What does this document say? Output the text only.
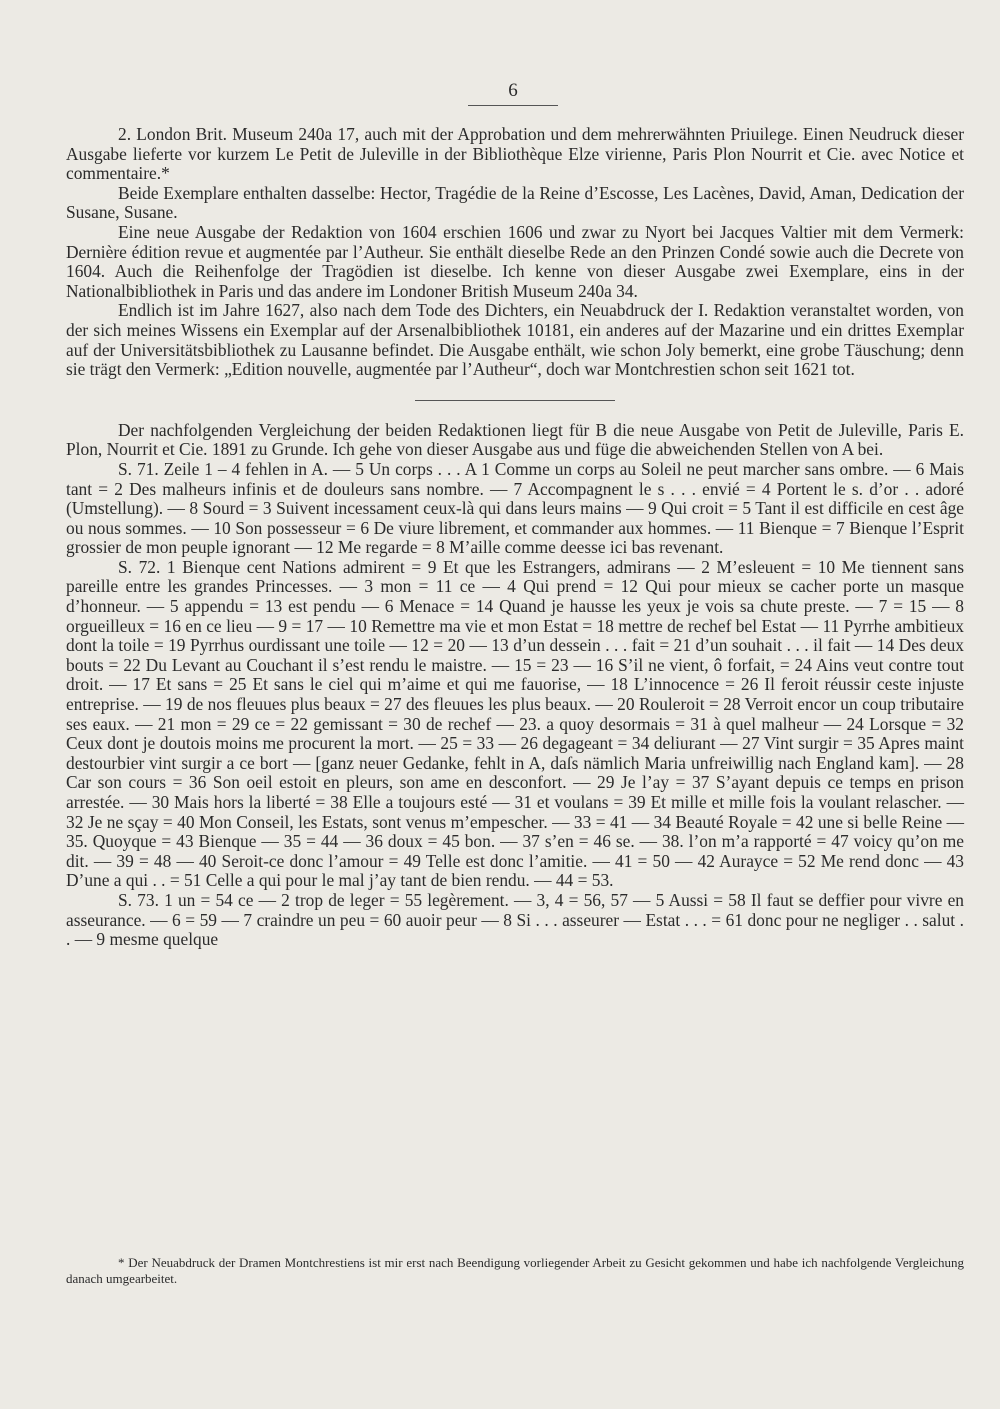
6

2. London Brit. Museum 240a 17, auch mit der Approbation und dem mehrerwähnten Priuilege. Einen Neudruck dieser Ausgabe lieferte vor kurzem Le Petit de Juleville in der Bibliothèque Elze virienne, Paris Plon Nourrit et Cie. avec Notice et commentaire.*

Beide Exemplare enthalten dasselbe: Hector, Tragédie de la Reine d’Escosse, Les Lacènes, David, Aman, Dedication der Susane, Susane.

Eine neue Ausgabe der Redaktion von 1604 erschien 1606 und zwar zu Nyort bei Jacques Valtier mit dem Vermerk: Dernière édition revue et augmentée par l’Autheur. Sie enthält dieselbe Rede an den Prinzen Condé sowie auch die Decrete von 1604. Auch die Reihenfolge der Tragödien ist dieselbe. Ich kenne von dieser Ausgabe zwei Exemplare, eins in der Nationalbibliothek in Paris und das andere im Londoner British Museum 240a 34.

Endlich ist im Jahre 1627, also nach dem Tode des Dichters, ein Neuabdruck der I. Redaktion veranstaltet worden, von der sich meines Wissens ein Exemplar auf der Arsenalbibliothek 10181, ein anderes auf der Mazarine und ein drittes Exemplar auf der Universitätsbibliothek zu Lausanne befindet. Die Ausgabe enthält, wie schon Joly bemerkt, eine grobe Täuschung; denn sie trägt den Vermerk: „Edition nouvelle, augmentée par l’Autheur“, doch war Montchrestien schon seit 1621 tot.

Der nachfolgenden Vergleichung der beiden Redaktionen liegt für B die neue Ausgabe von Petit de Juleville, Paris E. Plon, Nourrit et Cie. 1891 zu Grunde. Ich gehe von dieser Ausgabe aus und füge die abweichenden Stellen von A bei.

S. 71. Zeile 1 – 4 fehlen in A. — 5 Un corps . . . A 1 Comme un corps au Soleil ne peut marcher sans ombre. — 6 Mais tant = 2 Des malheurs infinis et de douleurs sans nombre. — 7 Accompagnent le s . . . envié = 4 Portent le s. d’or . . adoré (Umstellung). — 8 Sourd = 3 Suivent incessament ceux-là qui dans leurs mains — 9 Qui croit = 5 Tant il est difficile en cest âge ou nous sommes. — 10 Son possesseur = 6 De viure librement, et commander aux hommes. — 11 Bienque = 7 Bienque l’Esprit grossier de mon peuple ignorant — 12 Me regarde = 8 M’aille comme deesse ici bas revenant.

S. 72. 1 Bienque cent Nations admirent = 9 Et que les Estrangers, admirans — 2 M’esleuent = 10 Me tiennent sans pareille entre les grandes Princesses. — 3 mon = 11 ce — 4 Qui prend = 12 Qui pour mieux se cacher porte un masque d’honneur. — 5 appendu = 13 est pendu — 6 Menace = 14 Quand je hausse les yeux je vois sa chute preste. — 7 = 15 — 8 orgueilleux = 16 en ce lieu — 9 = 17 — 10 Remettre ma vie et mon Estat = 18 mettre de rechef bel Estat — 11 Pyrrhe ambitieux dont la toile = 19 Pyrrhus ourdissant une toile — 12 = 20 — 13 d’un dessein . . . fait = 21 d’un souhait . . . il fait — 14 Des deux bouts = 22 Du Levant au Couchant il s’est rendu le maistre. — 15 = 23 — 16 S’il ne vient, ô forfait, = 24 Ains veut contre tout droit. — 17 Et sans = 25 Et sans le ciel qui m’aime et qui me fauorise, — 18 L’innocence = 26 Il feroit réussir ceste injuste entreprise. — 19 de nos fleuues plus beaux = 27 des fleuues les plus beaux. — 20 Rouleroit = 28 Verroit encor un coup tributaire ses eaux. — 21 mon = 29 ce = 22 gemissant = 30 de rechef — 23. a quoy desormais = 31 à quel malheur — 24 Lorsque = 32 Ceux dont je doutois moins me procurent la mort. — 25 = 33 — 26 degageant = 34 deliurant — 27 Vint surgir = 35 Apres maint destourbier vint surgir a ce bort — [ganz neuer Gedanke, fehlt in A, daſs nämlich Maria unfreiwillig nach England kam]. — 28 Car son cours = 36 Son oeil estoit en pleurs, son ame en desconfort. — 29 Je l’ay = 37 S’ayant depuis ce temps en prison arrestée. — 30 Mais hors la liberté = 38 Elle a toujours esté — 31 et voulans = 39 Et mille et mille fois la voulant relascher. — 32 Je ne sçay = 40 Mon Conseil, les Estats, sont venus m’empescher. — 33 = 41 — 34 Beauté Royale = 42 une si belle Reine — 35. Quoyque = 43 Bienque — 35 = 44 — 36 doux = 45 bon. — 37 s’en = 46 se. — 38. l’on m’a rapporté = 47 voicy qu’on me dit. — 39 = 48 — 40 Seroit-ce donc l’amour = 49 Telle est donc l’amitie. — 41 = 50 — 42 Aurayce = 52 Me rend donc — 43 D’une a qui . . = 51 Celle a qui pour le mal j’ay tant de bien rendu. — 44 = 53.

S. 73. 1 un = 54 ce — 2 trop de leger = 55 legèrement. — 3, 4 = 56, 57 — 5 Aussi = 58 Il faut se deffier pour vivre en asseurance. — 6 = 59 — 7 craindre un peu = 60 auoir peur — 8 Si . . . asseurer — Estat . . . = 61 donc pour ne negliger . . salut . . — 9 mesme quelque

* Der Neuabdruck der Dramen Montchrestiens ist mir erst nach Beendigung vorliegender Arbeit zu Gesicht gekommen und habe ich nachfolgende Vergleichung danach umgearbeitet.
